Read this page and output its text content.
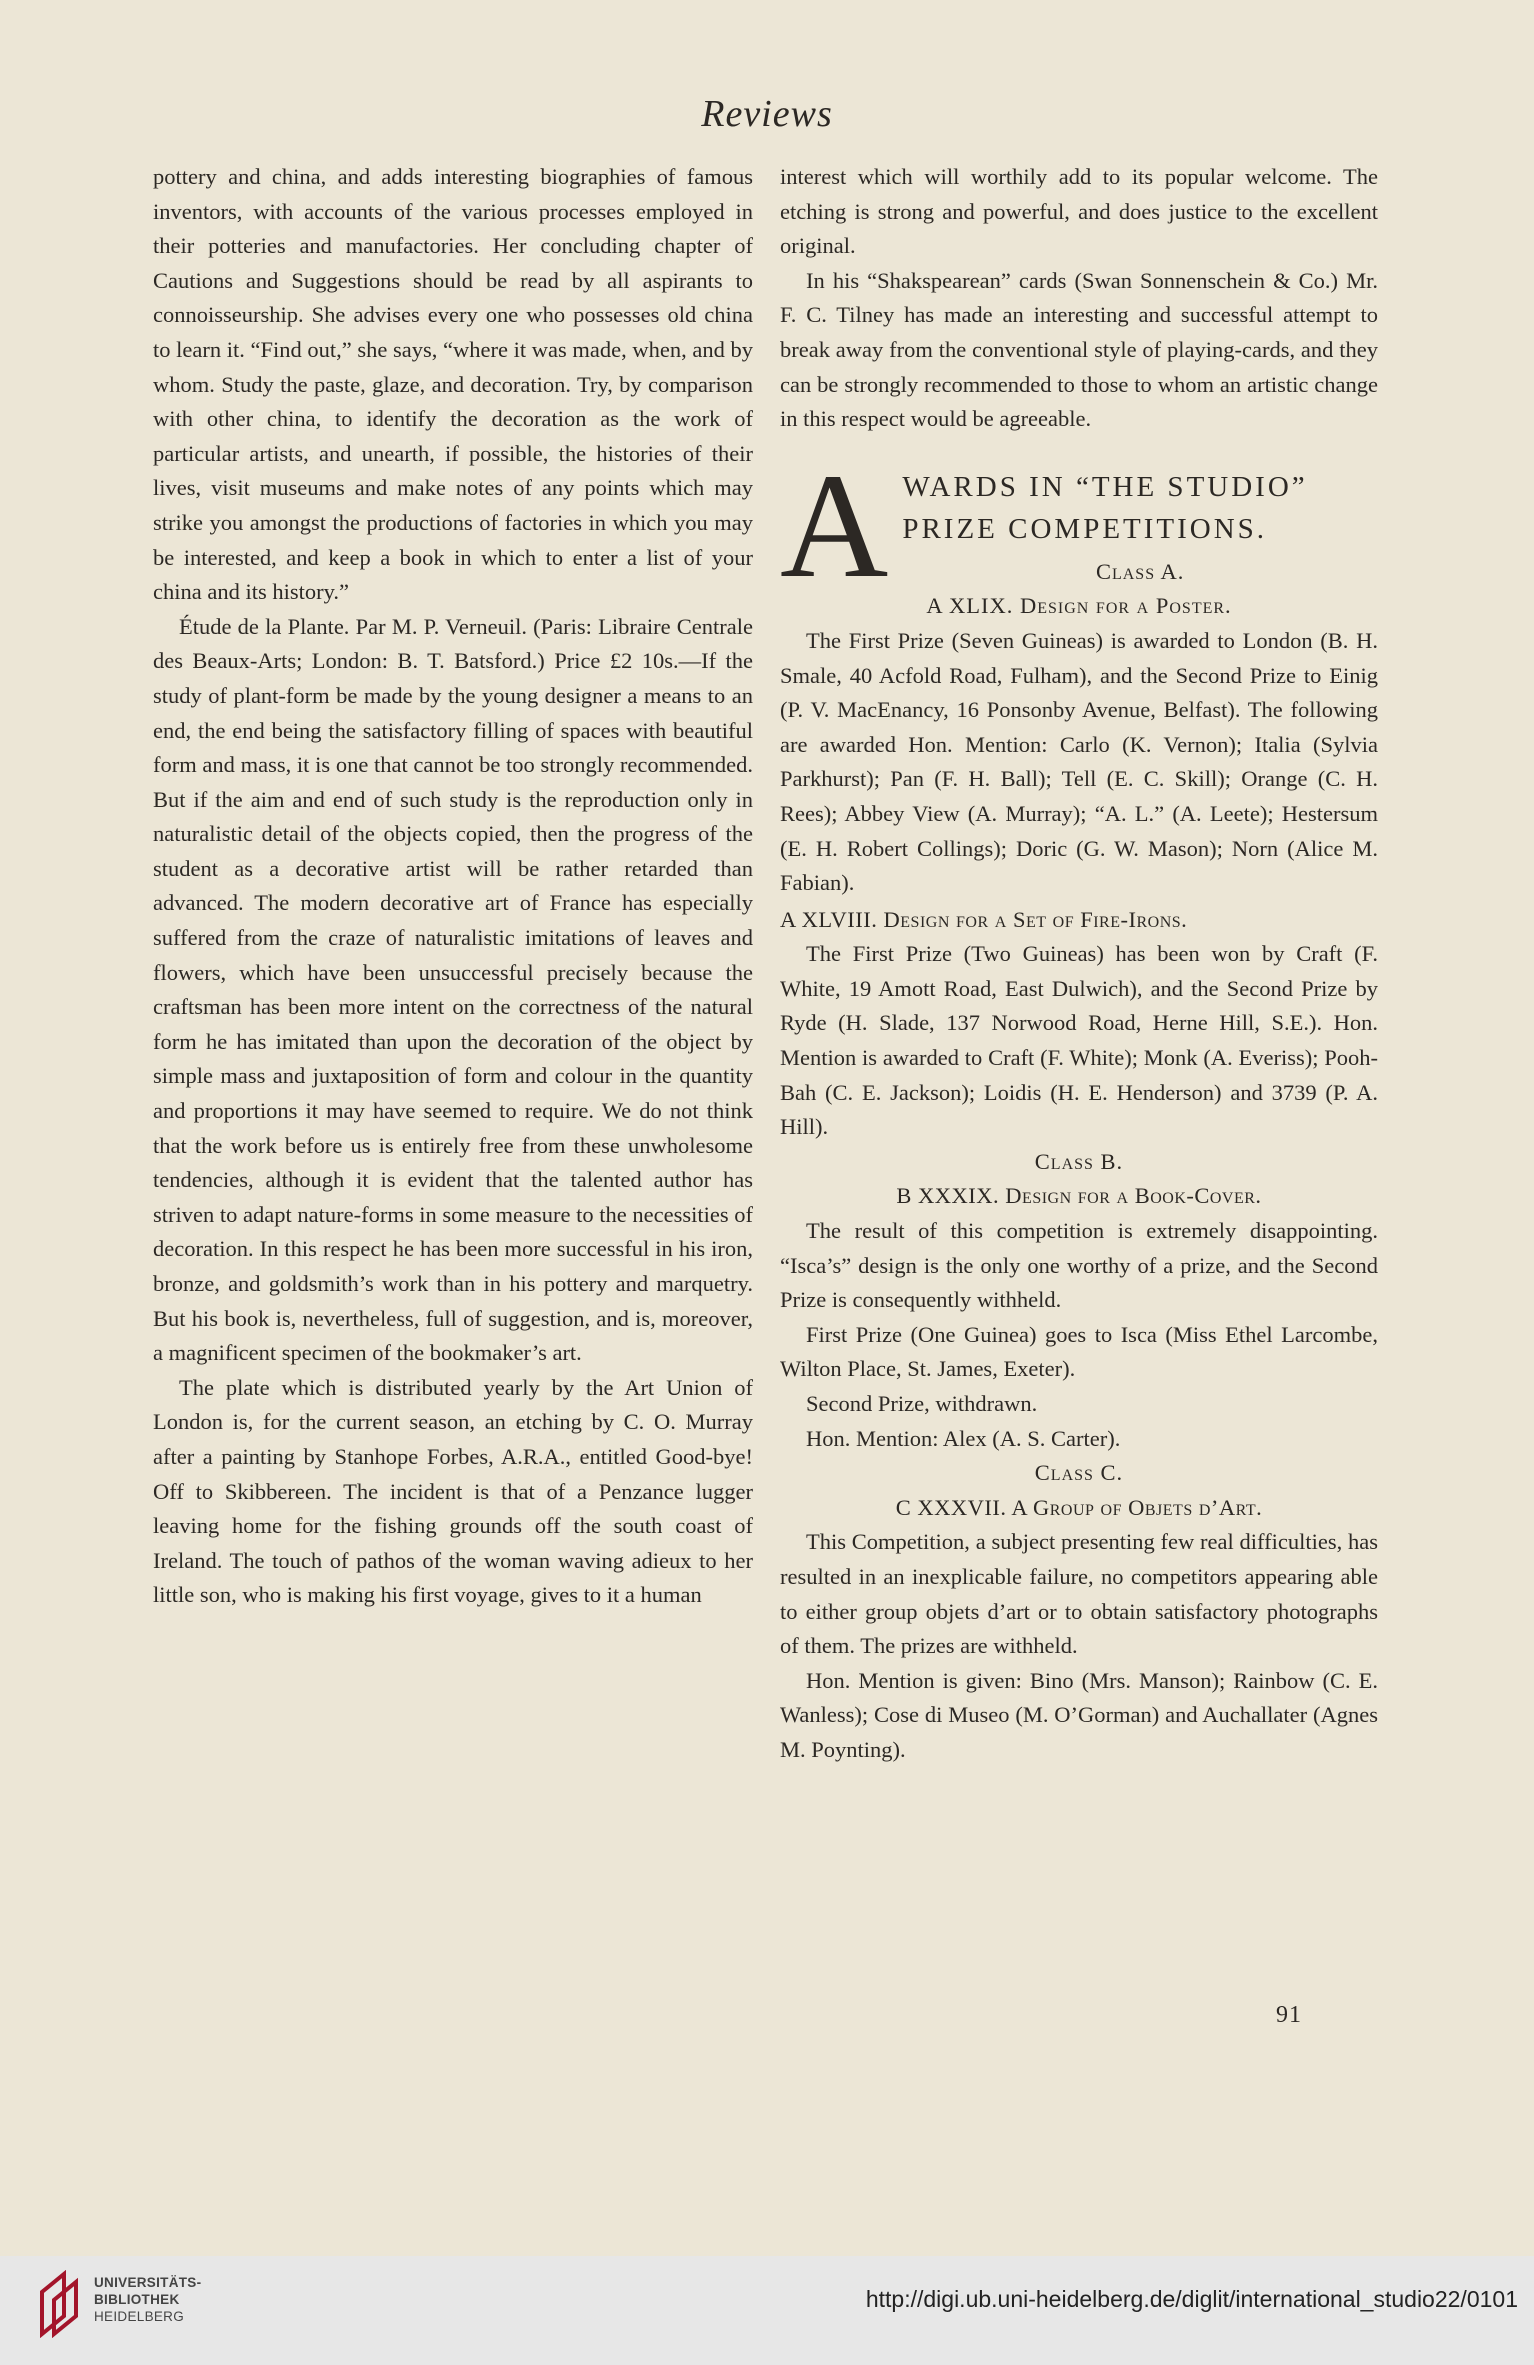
Reviews

pottery and china, and adds interesting biographies of famous inventors, with accounts of the various processes employed in their potteries and manufactories. Her concluding chapter of Cautions and Suggestions should be read by all aspirants to connoisseurship. She advises every one who possesses old china to learn it. “Find out,” she says, “where it was made, when, and by whom. Study the paste, glaze, and decoration. Try, by comparison with other china, to identify the decoration as the work of particular artists, and unearth, if possible, the histories of their lives, visit museums and make notes of any points which may strike you amongst the productions of factories in which you may be interested, and keep a book in which to enter a list of your china and its history.”

Étude de la Plante. Par M. P. Verneuil. (Paris: Libraire Centrale des Beaux-Arts; London: B. T. Batsford.) Price £2 10s.—If the study of plant-form be made by the young designer a means to an end, the end being the satisfactory filling of spaces with beautiful form and mass, it is one that cannot be too strongly recommended. But if the aim and end of such study is the reproduction only in naturalistic detail of the objects copied, then the progress of the student as a decorative artist will be rather retarded than advanced. The modern decorative art of France has especially suffered from the craze of naturalistic imitations of leaves and flowers, which have been unsuccessful precisely because the craftsman has been more intent on the correctness of the natural form he has imitated than upon the decoration of the object by simple mass and juxtaposition of form and colour in the quantity and proportions it may have seemed to require. We do not think that the work before us is entirely free from these unwholesome tendencies, although it is evident that the talented author has striven to adapt nature-forms in some measure to the necessities of decoration. In this respect he has been more successful in his iron, bronze, and goldsmith’s work than in his pottery and marquetry. But his book is, nevertheless, full of suggestion, and is, moreover, a magnificent specimen of the bookmaker’s art.

The plate which is distributed yearly by the Art Union of London is, for the current season, an etching by C. O. Murray after a painting by Stanhope Forbes, A.R.A., entitled Good-bye! Off to Skibbereen. The incident is that of a Penzance lugger leaving home for the fishing grounds off the south coast of Ireland. The touch of pathos of the woman waving adieux to her little son, who is making his first voyage, gives to it a human

interest which will worthily add to its popular welcome. The etching is strong and powerful, and does justice to the excellent original.

In his “Shakspearean” cards (Swan Sonnenschein & Co.) Mr. F. C. Tilney has made an interesting and successful attempt to break away from the conventional style of playing-cards, and they can be strongly recommended to those to whom an artistic change in this respect would be agreeable.

A WARDS IN “THE STUDIO”
PRIZE COMPETITIONS.
Class A.
A XLIX. Design for a Poster.

The First Prize (Seven Guineas) is awarded to London (B. H. Smale, 40 Acfold Road, Fulham), and the Second Prize to Einig (P. V. MacEnancy, 16 Ponsonby Avenue, Belfast). The following are awarded Hon. Mention: Carlo (K. Vernon); Italia (Sylvia Parkhurst); Pan (F. H. Ball); Tell (E. C. Skill); Orange (C. H. Rees); Abbey View (A. Murray); “A. L.” (A. Leete); Hestersum (E. H. Robert Collings); Doric (G. W. Mason); Norn (Alice M. Fabian).

A XLVIII. Design for a Set of Fire-Irons.

The First Prize (Two Guineas) has been won by Craft (F. White, 19 Amott Road, East Dulwich), and the Second Prize by Ryde (H. Slade, 137 Norwood Road, Herne Hill, S.E.). Hon. Mention is awarded to Craft (F. White); Monk (A. Everiss); Pooh-Bah (C. E. Jackson); Loidis (H. E. Henderson) and 3739 (P. A. Hill).

Class B.

B XXXIX. Design for a Book-Cover.

The result of this competition is extremely disappointing. “Isca’s” design is the only one worthy of a prize, and the Second Prize is consequently withheld.

First Prize (One Guinea) goes to Isca (Miss Ethel Larcombe, Wilton Place, St. James, Exeter).

Second Prize, withdrawn.

Hon. Mention: Alex (A. S. Carter).

Class C.

C XXXVII. A Group of Objets d’Art.

This Competition, a subject presenting few real difficulties, has resulted in an inexplicable failure, no competitors appearing able to either group objets d’art or to obtain satisfactory photographs of them. The prizes are withheld.

Hon. Mention is given: Bino (Mrs. Manson); Rainbow (C. E. Wanless); Cose di Museo (M. O’Gorman) and Auchallater (Agnes M. Poynting).

91
UNIVERSITÄTS-
BIBLIOTHEK
HEIDELBERG
http://digi.ub.uni-heidelberg.de/diglit/international_studio22/0101
